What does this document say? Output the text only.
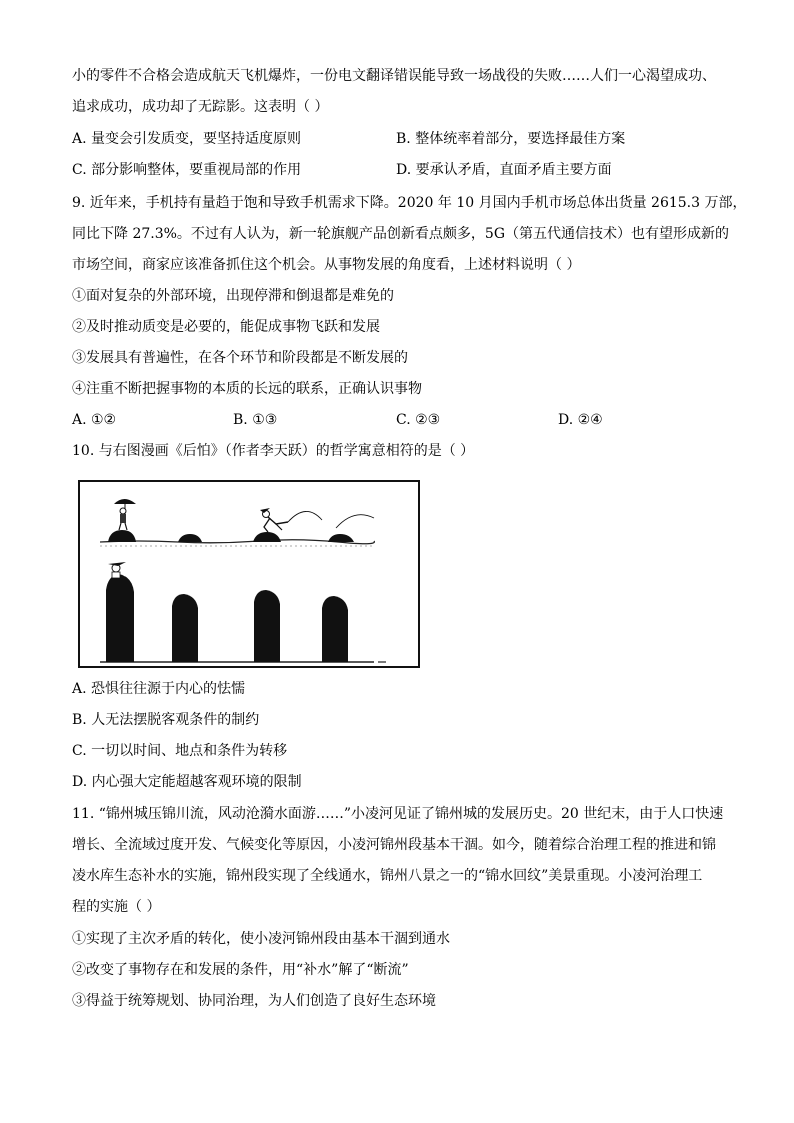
小的零件不合格会造成航天飞机爆炸，一份电文翻译错误能导致一场战役的失败……人们一心渴望成功、
追求成功，成功却了无踪影。这表明（ ）
A. 量变会引发质变，要坚持适度原则	B. 整体统率着部分，要选择最佳方案
C. 部分影响整体，要重视局部的作用	D. 要承认矛盾，直面矛盾主要方面
9. 近年来，手机持有量趋于饱和导致手机需求下降。2020 年 10 月国内手机市场总体出货量 2615.3 万部，
同比下降 27.3%。不过有人认为，新一轮旗舰产品创新看点颇多，5G（第五代通信技术）也有望形成新的
市场空间，商家应该准备抓住这个机会。从事物发展的角度看，上述材料说明（ ）
①面对复杂的外部环境，出现停滞和倒退都是难免的
②及时推动质变是必要的，能促成事物飞跃和发展
③发展具有普遍性，在各个环节和阶段都是不断发展的
④注重不断把握事物的本质的长远的联系，正确认识事物
A. ①②	B. ①③	C. ②③	D. ②④
10. 与右图漫画《后怕》（作者李天跃）的哲学寓意相符的是（ ）
A. 恐惧往往源于内心的怯懦
B. 人无法摆脱客观条件的制约
C. 一切以时间、地点和条件为转移
D. 内心强大定能超越客观环境的限制
11. “锦州城压锦川流，风动沧漪水面游……”小凌河见证了锦州城的发展历史。20 世纪末，由于人口快速
增长、全流域过度开发、气候变化等原因，小凌河锦州段基本干涸。如今，随着综合治理工程的推进和锦
凌水库生态补水的实施，锦州段实现了全线通水，锦州八景之一的“锦水回纹”美景重现。小凌河治理工
程的实施（ ）
①实现了主次矛盾的转化，使小凌河锦州段由基本干涸到通水
②改变了事物存在和发展的条件，用“补水”解了“断流”
③得益于统筹规划、协同治理，为人们创造了良好生态环境
